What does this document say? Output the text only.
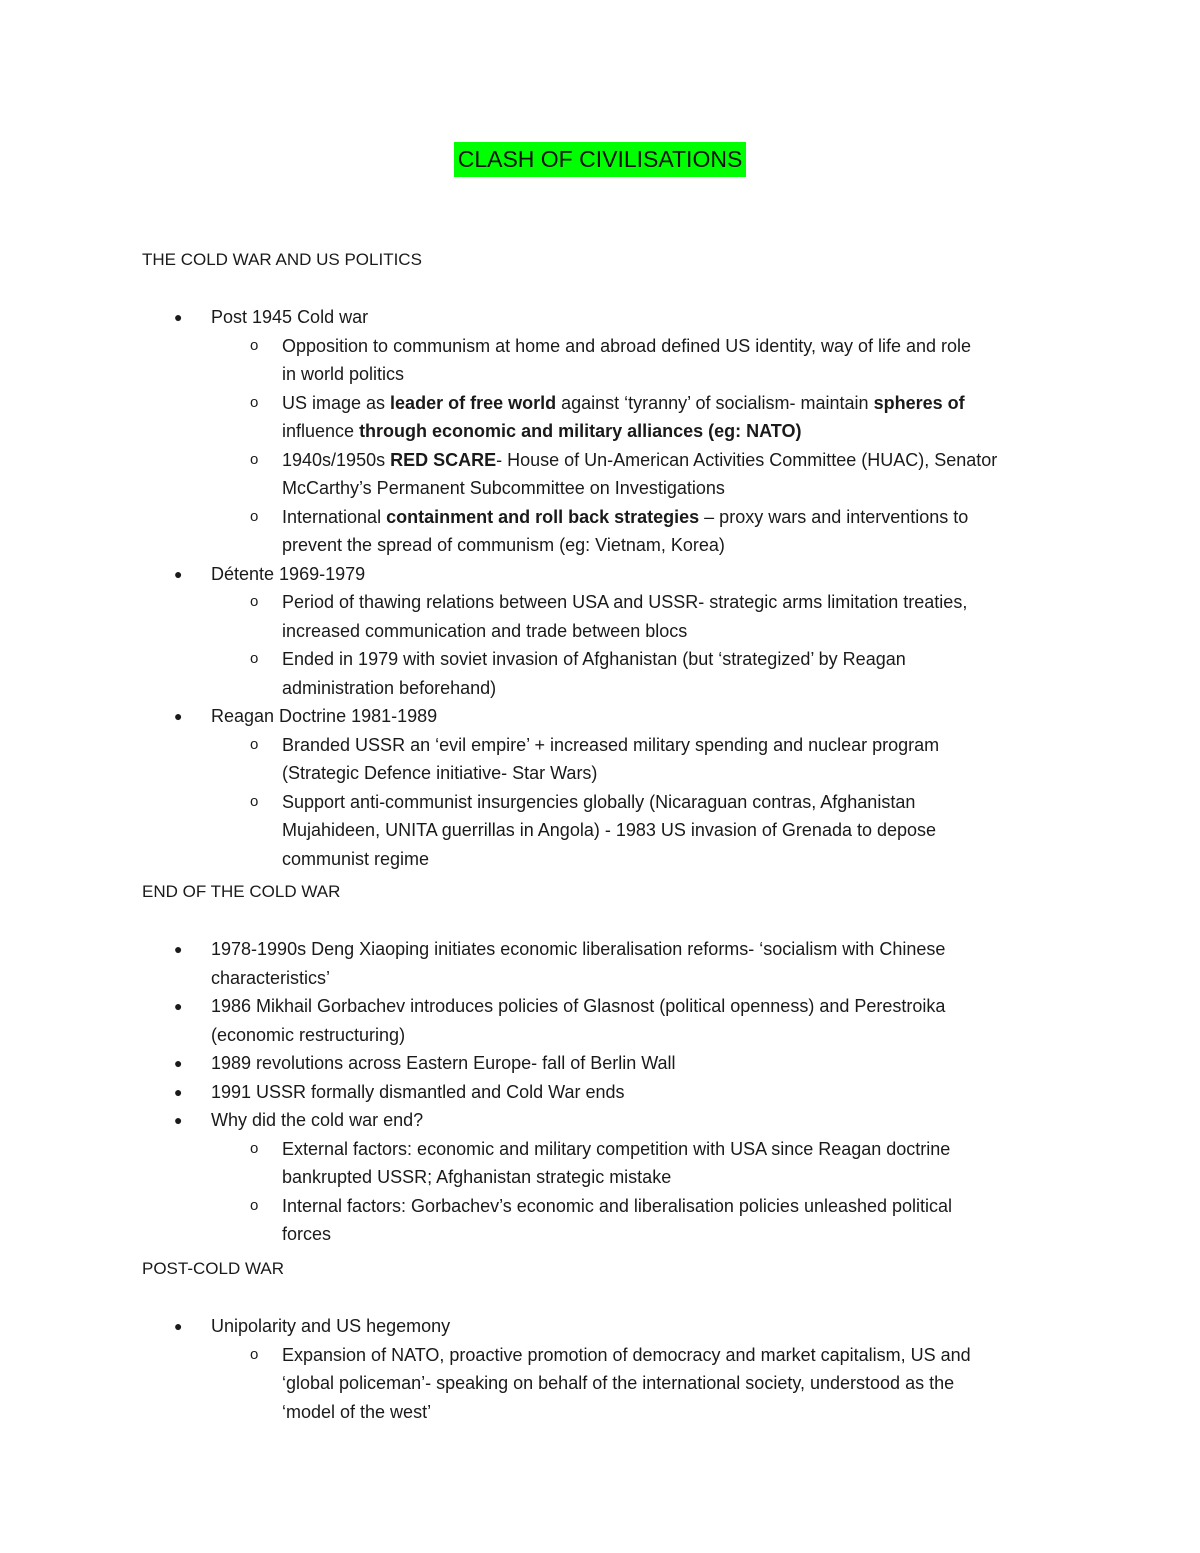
CLASH OF CIVILISATIONS
THE COLD WAR AND US POLITICS
● Post 1945 Cold war
o Opposition to communism at home and abroad defined US identity, way of life and role
in world politics
o US image as leader of free world against ‘tyranny’ of socialism- maintain spheres of
influence through economic and military alliances (eg: NATO)
o 1940s/1950s RED SCARE- House of Un-American Activities Committee (HUAC), Senator
McCarthy’s Permanent Subcommittee on Investigations
o International containment and roll back strategies – proxy wars and interventions to
prevent the spread of communism (eg: Vietnam, Korea)
● Détente 1969-1979
o Period of thawing relations between USA and USSR- strategic arms limitation treaties,
increased communication and trade between blocs
o Ended in 1979 with soviet invasion of Afghanistan (but ‘strategized’ by Reagan
administration beforehand)
● Reagan Doctrine 1981-1989
o Branded USSR an ‘evil empire’ + increased military spending and nuclear program
(Strategic Defence initiative- Star Wars)
o Support anti-communist insurgencies globally (Nicaraguan contras, Afghanistan
Mujahideen, UNITA guerrillas in Angola) - 1983 US invasion of Grenada to depose
communist regime
END OF THE COLD WAR
● 1978-1990s Deng Xiaoping initiates economic liberalisation reforms- ‘socialism with Chinese
characteristics’
● 1986 Mikhail Gorbachev introduces policies of Glasnost (political openness) and Perestroika
(economic restructuring)
● 1989 revolutions across Eastern Europe- fall of Berlin Wall
● 1991 USSR formally dismantled and Cold War ends
● Why did the cold war end?
o External factors: economic and military competition with USA since Reagan doctrine
bankrupted USSR; Afghanistan strategic mistake
o Internal factors: Gorbachev’s economic and liberalisation policies unleashed political
forces
POST-COLD WAR
● Unipolarity and US hegemony
o Expansion of NATO, proactive promotion of democracy and market capitalism, US and
‘global policeman’- speaking on behalf of the international society, understood as the
‘model of the west’
